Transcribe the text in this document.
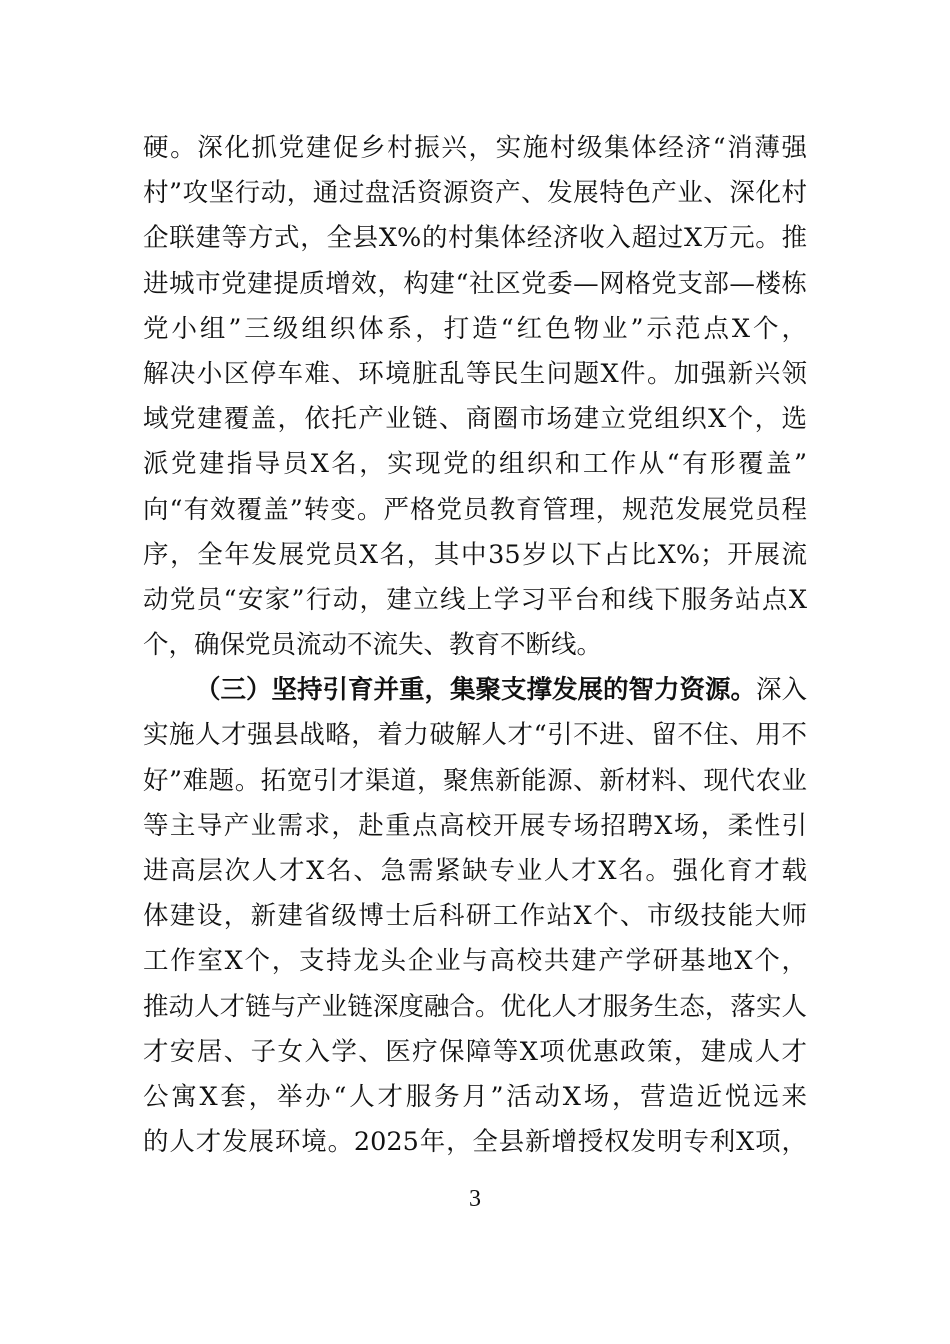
硬。深化抓党建促乡村振兴，实施村级集体经济“消薄强
村”攻坚行动，通过盘活资源资产、发展特色产业、深化村
企联建等方式，全县X%的村集体经济收入超过X万元。推
进城市党建提质增效，构建“社区党委—网格党支部—楼栋
党小组”三级组织体系，打造“红色物业”示范点X个，
解决小区停车难、环境脏乱等民生问题X件。加强新兴领
域党建覆盖，依托产业链、商圈市场建立党组织X个，选
派党建指导员X名，实现党的组织和工作从“有形覆盖”
向“有效覆盖”转变。严格党员教育管理，规范发展党员程
序，全年发展党员X名，其中35岁以下占比X%；开展流
动党员“安家”行动，建立线上学习平台和线下服务站点X
个，确保党员流动不流失、教育不断线。
（三）坚持引育并重，集聚支撑发展的智力资源。深入
实施人才强县战略，着力破解人才“引不进、留不住、用不
好”难题。拓宽引才渠道，聚焦新能源、新材料、现代农业
等主导产业需求，赴重点高校开展专场招聘X场，柔性引
进高层次人才X名、急需紧缺专业人才X名。强化育才载
体建设，新建省级博士后科研工作站X个、市级技能大师
工作室X个，支持龙头企业与高校共建产学研基地X个，
推动人才链与产业链深度融合。优化人才服务生态，落实人
才安居、子女入学、医疗保障等X项优惠政策，建成人才
公寓X套，举办“人才服务月”活动X场，营造近悦远来
的人才发展环境。2025年，全县新增授权发明专利X项，
3
